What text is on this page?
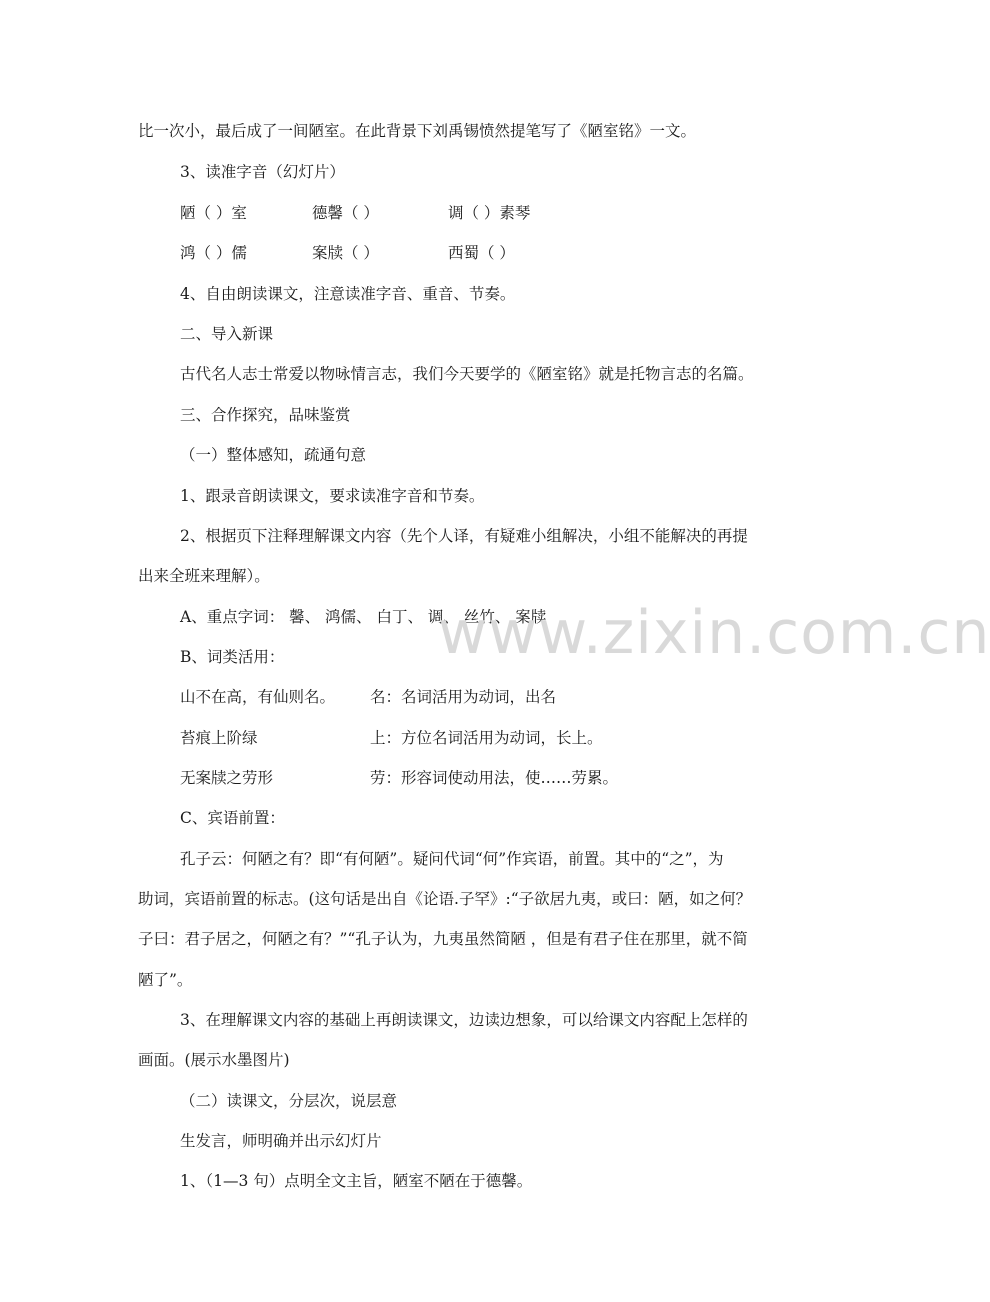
比一次小，最后成了一间陋室。在此背景下刘禹锡愤然提笔写了《陋室铭》一文。
3、读准字音（幻灯片）
陋（ ）室	德馨（ ）	调（ ）素琴
鸿（ ）儒	案牍（ ）	西蜀（ ）
4、自由朗读课文，注意读准字音、重音、节奏。
二、导入新课
古代名人志士常爱以物咏情言志，我们今天要学的《陋室铭》就是托物言志的名篇。
三、合作探究，品味鉴赏
（一）整体感知，疏通句意
1、跟录音朗读课文，要求读准字音和节奏。
2、根据页下注释理解课文内容（先个人译，有疑难小组解决，小组不能解决的再提
出来全班来理解）。
A、重点字词： 馨、 鸿儒、 白丁、 调、 丝竹、 案牍
B、词类活用：
山不在高，有仙则名。 名：名词活用为动词，出名
苔痕上阶绿	上：方位名词活用为动词，长上。
无案牍之劳形	劳：形容词使动用法，使……劳累。
C、宾语前置：
孔子云：何陋之有？即“有何陋”。疑问代词“何”作宾语，前置。其中的“之”，为
助词，宾语前置的标志。(这句话是出自《论语.子罕》:“子欲居九夷，或曰：陋，如之何？
子曰：君子居之，何陋之有？”“孔子认为，九夷虽然简陋 ，但是有君子住在那里，就不简
陋了”。
3、在理解课文内容的基础上再朗读课文，边读边想象，可以给课文内容配上怎样的
画面。(展示水墨图片)
（二）读课文，分层次，说层意
生发言，师明确并出示幻灯片
1、（1—3 句）点明全文主旨，陋室不陋在于德馨。
www.zixin.com.cn
